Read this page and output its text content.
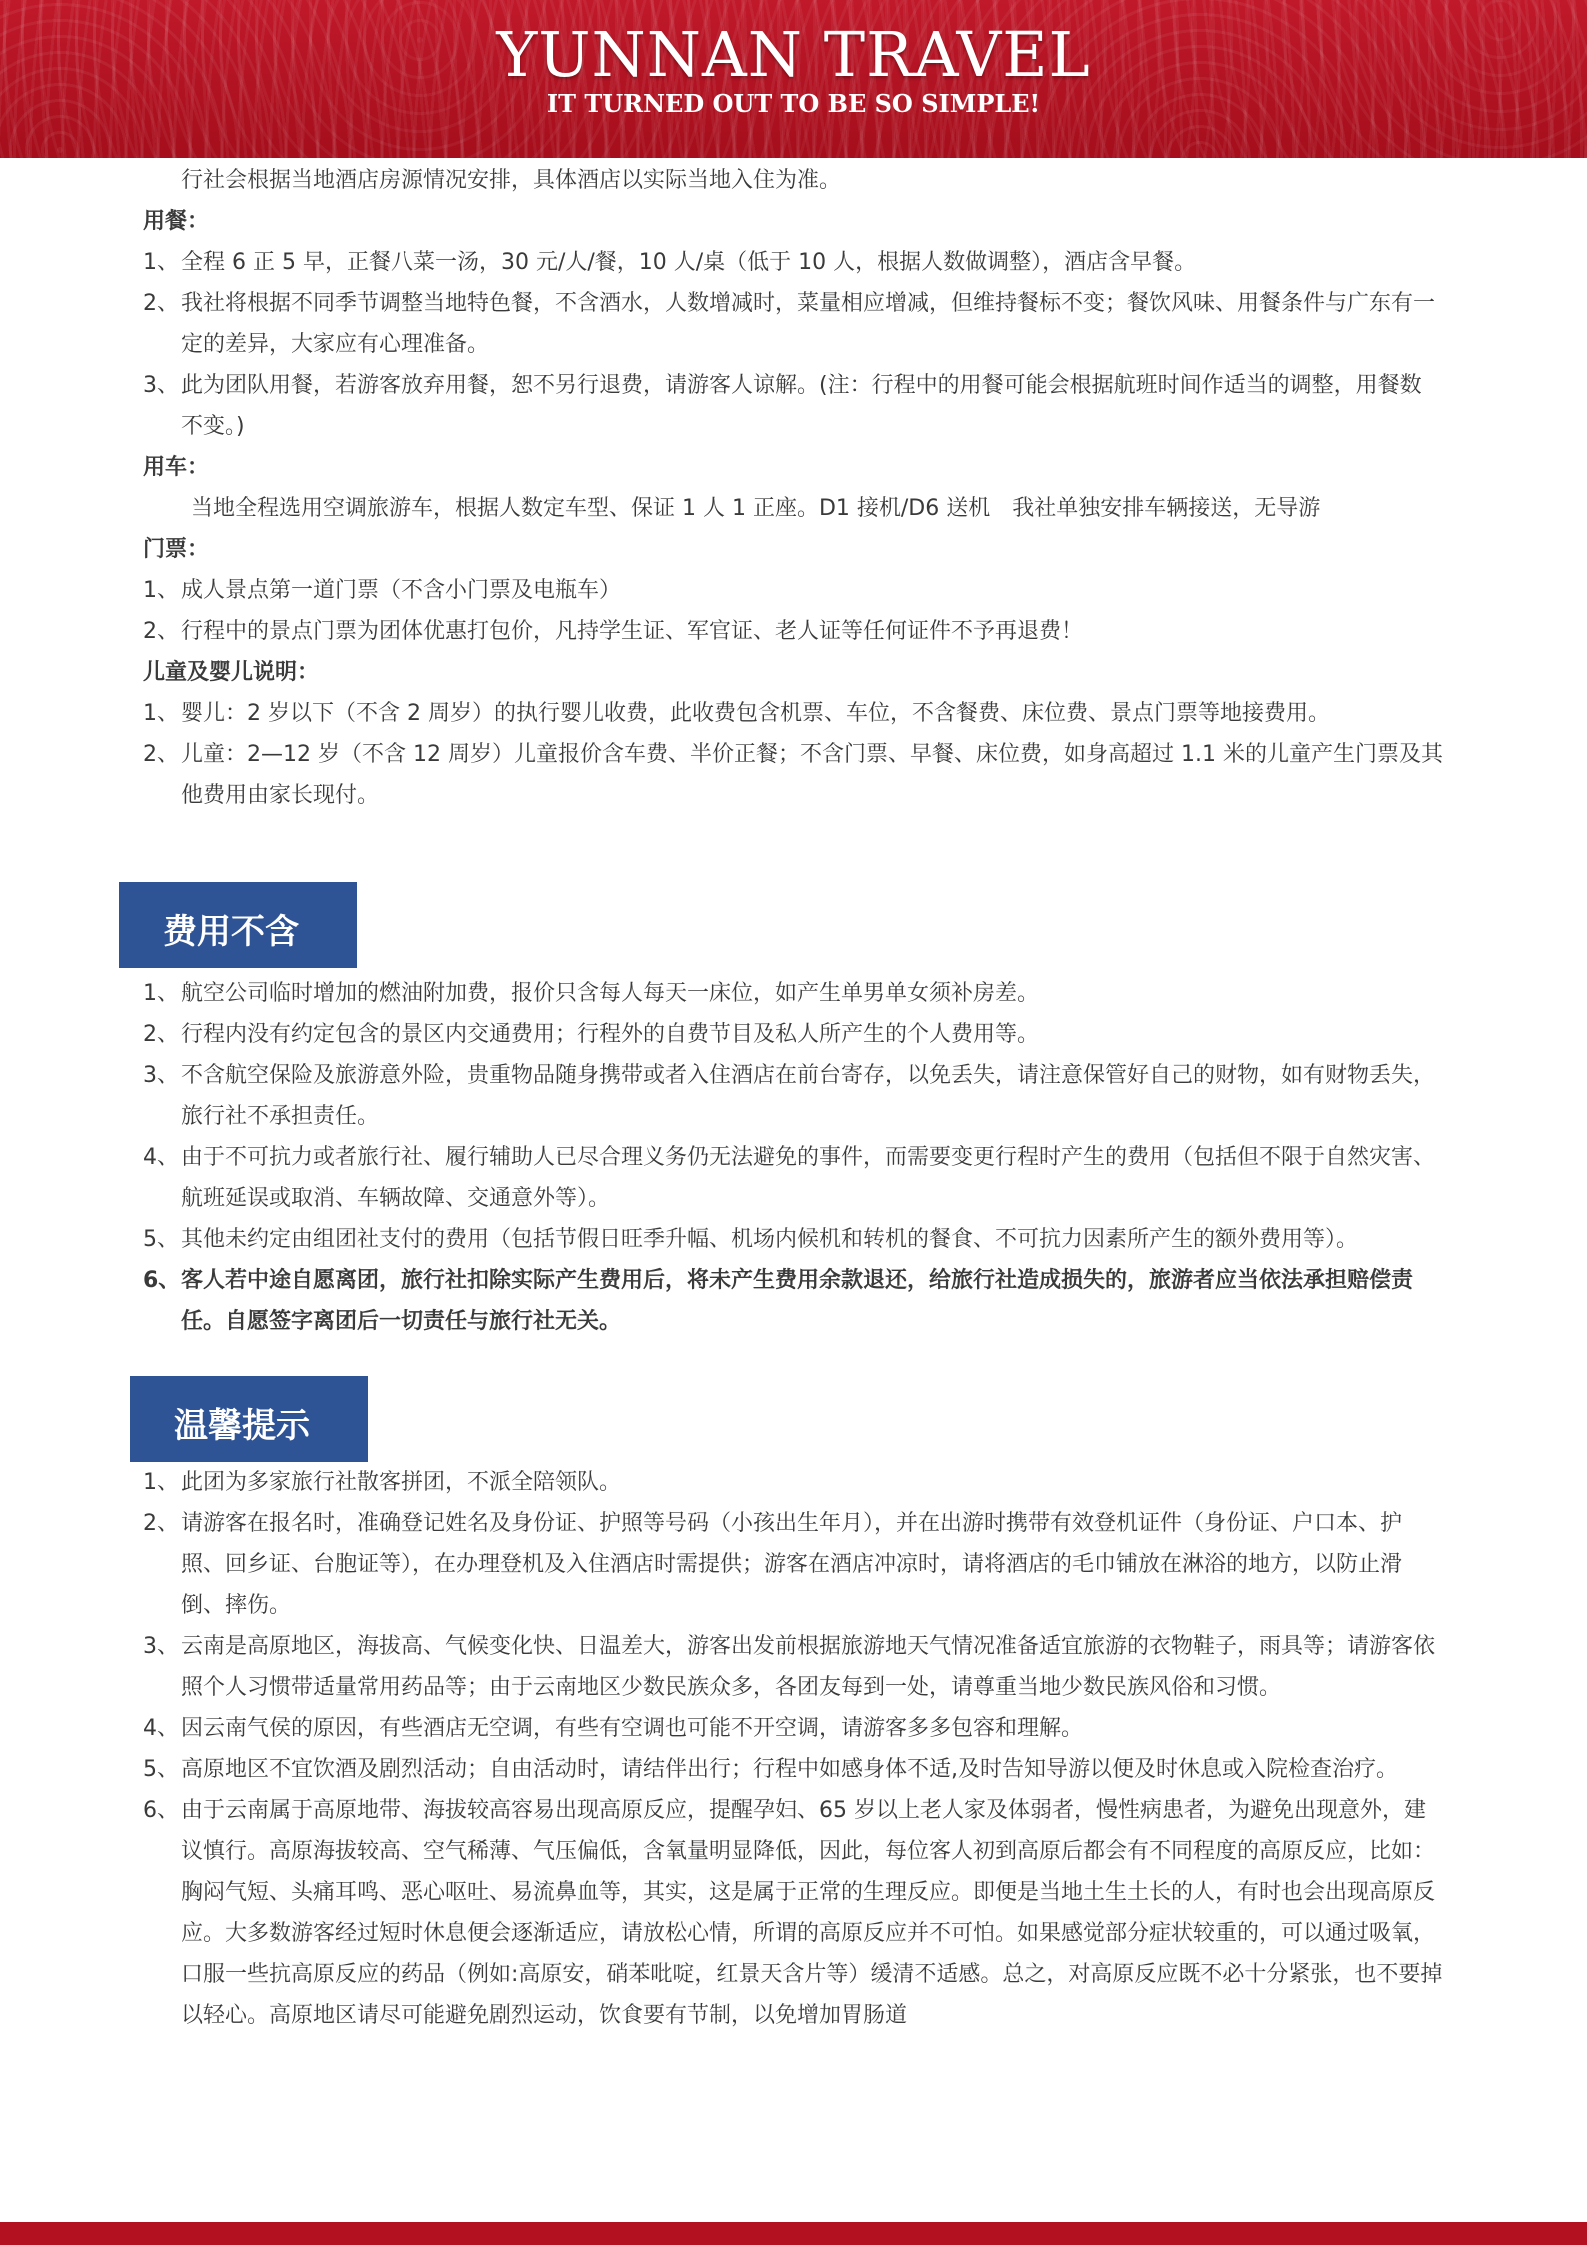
YUNNAN TRAVEL
IT TURNED OUT TO BE SO SIMPLE!

行社会根据当地酒店房源情况安排，具体酒店以实际当地入住为准。

用餐：

1、 全程 6 正 5 早，正餐八菜一汤，30 元/人/餐，10 人/桌（低于 10 人，根据人数做调整），酒店含早餐。
2、 我社将根据不同季节调整当地特色餐，不含酒水，人数增减时，菜量相应增减，但维持餐标不变；餐饮风味、用餐条件与广东有一定的差异，大家应有心理准备。
3、 此为团队用餐，若游客放弃用餐，恕不另行退费，请游客人谅解。(注：行程中的用餐可能会根据航班时间作适当的调整，用餐数不变。)

用车：

当地全程选用空调旅游车，根据人数定车型、保证 1 人 1 正座。D1 接机/D6 送机　我社单独安排车辆接送，无导游

门票：

1、 成人景点第一道门票（不含小门票及电瓶车）
2、 行程中的景点门票为团体优惠打包价，凡持学生证、军官证、老人证等任何证件不予再退费！

儿童及婴儿说明：

1、 婴儿：2 岁以下（不含 2 周岁）的执行婴儿收费，此收费包含机票、车位，不含餐费、床位费、景点门票等地接费用。
2、 儿童：2—12 岁（不含 12 周岁）儿童报价含车费、半价正餐；不含门票、早餐、床位费，如身高超过 1.1 米的儿童产生门票及其他费用由家长现付。
费用不含
1、 航空公司临时增加的燃油附加费，报价只含每人每天一床位，如产生单男单女须补房差。
2、 行程内没有约定包含的景区内交通费用；行程外的自费节目及私人所产生的个人费用等。
3、 不含航空保险及旅游意外险，贵重物品随身携带或者入住酒店在前台寄存，以免丢失，请注意保管好自己的财物，如有财物丢失，旅行社不承担责任。
4、 由于不可抗力或者旅行社、履行辅助人已尽合理义务仍无法避免的事件，而需要变更行程时产生的费用（包括但不限于自然灾害、航班延误或取消、车辆故障、交通意外等）。
5、 其他未约定由组团社支付的费用（包括节假日旺季升幅、机场内候机和转机的餐食、不可抗力因素所产生的额外费用等）。
6、 客人若中途自愿离团，旅行社扣除实际产生费用后，将未产生费用余款退还，给旅行社造成损失的，旅游者应当依法承担赔偿责任。自愿签字离团后一切责任与旅行社无关。
温馨提示
1、 此团为多家旅行社散客拼团，不派全陪领队。
2、 请游客在报名时，准确登记姓名及身份证、护照等号码（小孩出生年月），并在出游时携带有效登机证件（身份证、户口本、护照、回乡证、台胞证等），在办理登机及入住酒店时需提供；游客在酒店冲凉时，请将酒店的毛巾铺放在淋浴的地方，以防止滑倒、摔伤。
3、 云南是高原地区，海拔高、气候变化快、日温差大，游客出发前根据旅游地天气情况准备适宜旅游的衣物鞋子，雨具等；请游客依照个人习惯带适量常用药品等；由于云南地区少数民族众多，各团友每到一处，请尊重当地少数民族风俗和习惯。
4、 因云南气侯的原因，有些酒店无空调，有些有空调也可能不开空调，请游客多多包容和理解。
5、 高原地区不宜饮酒及剧烈活动；自由活动时，请结伴出行；行程中如感身体不适,及时告知导游以便及时休息或入院检查治疗。
6、 由于云南属于高原地带、海拔较高容易出现高原反应，提醒孕妇、65 岁以上老人家及体弱者，慢性病患者，为避免出现意外，建议慎行。高原海拔较高、空气稀薄、气压偏低，含氧量明显降低，因此，每位客人初到高原后都会有不同程度的高原反应，比如：胸闷气短、头痛耳鸣、恶心呕吐、易流鼻血等，其实，这是属于正常的生理反应。即便是当地土生土长的人，有时也会出现高原反应。大多数游客经过短时休息便会逐渐适应，请放松心情，所谓的高原反应并不可怕。如果感觉部分症状较重的，可以通过吸氧，口服一些抗高原反应的药品（例如:高原安，硝苯吡啶，红景天含片等）缓清不适感。总之，对高原反应既不必十分紧张，也不要掉以轻心。高原地区请尽可能避免剧烈运动，饮食要有节制，以免增加胃肠道
